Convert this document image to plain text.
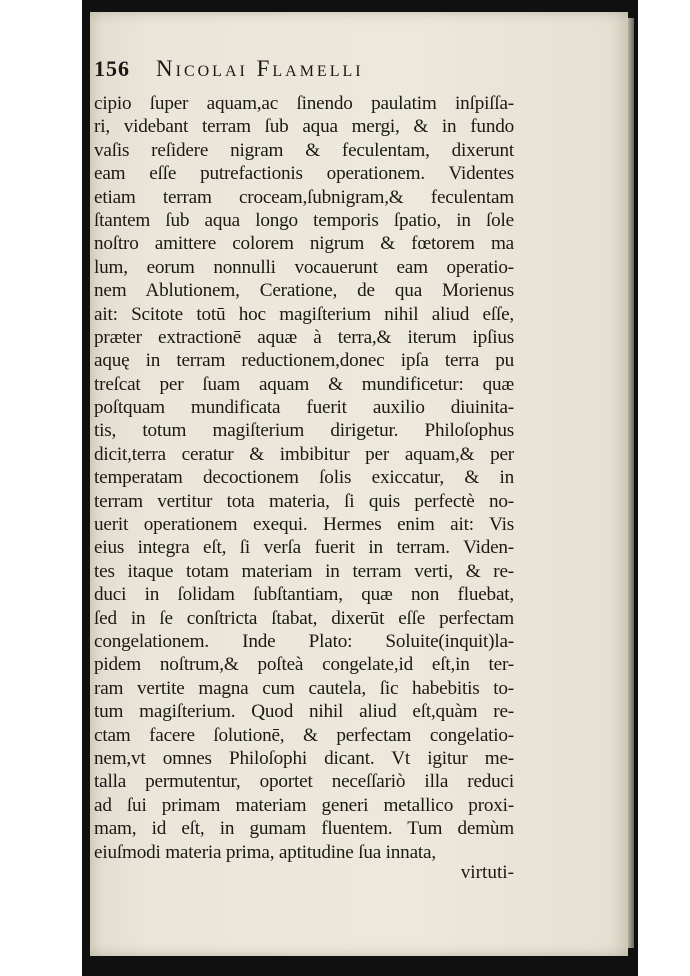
156 Nicolai Flamelli
cipio ſuper aquam,ac ſinendo paulatim inſpiſſa-
ri, videbant terram ſub aqua mergi, & in fundo
vaſis reſidere nigram & feculentam, dixerunt
eam eſſe putrefactionis operationem. Videntes
etiam terram croceam,ſubnigram,& feculentam
ſtantem ſub aqua longo temporis ſpatio, in ſole
noſtro amittere colorem nigrum & fœtorem ma
lum, eorum nonnulli vocauerunt eam operatio-
nem Ablutionem, Ceratione, de qua Morienus
ait: Scitote totū hoc magiſterium nihil aliud eſſe,
præter extractionē aquæ à terra,& iterum ipſius
aquę in terram reductionem,donec ipſa terra pu
treſcat per ſuam aquam & mundificetur: quæ
poſtquam mundificata fuerit auxilio diuinita-
tis, totum magiſterium dirigetur. Philoſophus
dicit,terra ceratur & imbibitur per aquam,& per
temperatam decoctionem ſolis exiccatur, & in
terram vertitur tota materia, ſi quis perfectè no-
uerit operationem exequi. Hermes enim ait: Vis
eius integra eſt, ſi verſa fuerit in terram. Viden-
tes itaque totam materiam in terram verti, & re-
duci in ſolidam ſubſtantiam, quæ non fluebat,
ſed in ſe conſtricta ſtabat, dixerūt eſſe perfectam
congelationem. Inde Plato: Soluite(inquit)la-
pidem noſtrum,& poſteà congelate,id eſt,in ter-
ram vertite magna cum cautela, ſic habebitis to-
tum magiſterium. Quod nihil aliud eſt,quàm re-
ctam facere ſolutionē, & perfectam congelatio-
nem,vt omnes Philoſophi dicant. Vt igitur me-
talla permutentur, oportet neceſſariò illa reduci
ad ſui primam materiam generi metallico proxi-
mam, id eſt, in gumam fluentem. Tum demùm
eiuſmodi materia prima, aptitudine ſua innata,
virtuti-
